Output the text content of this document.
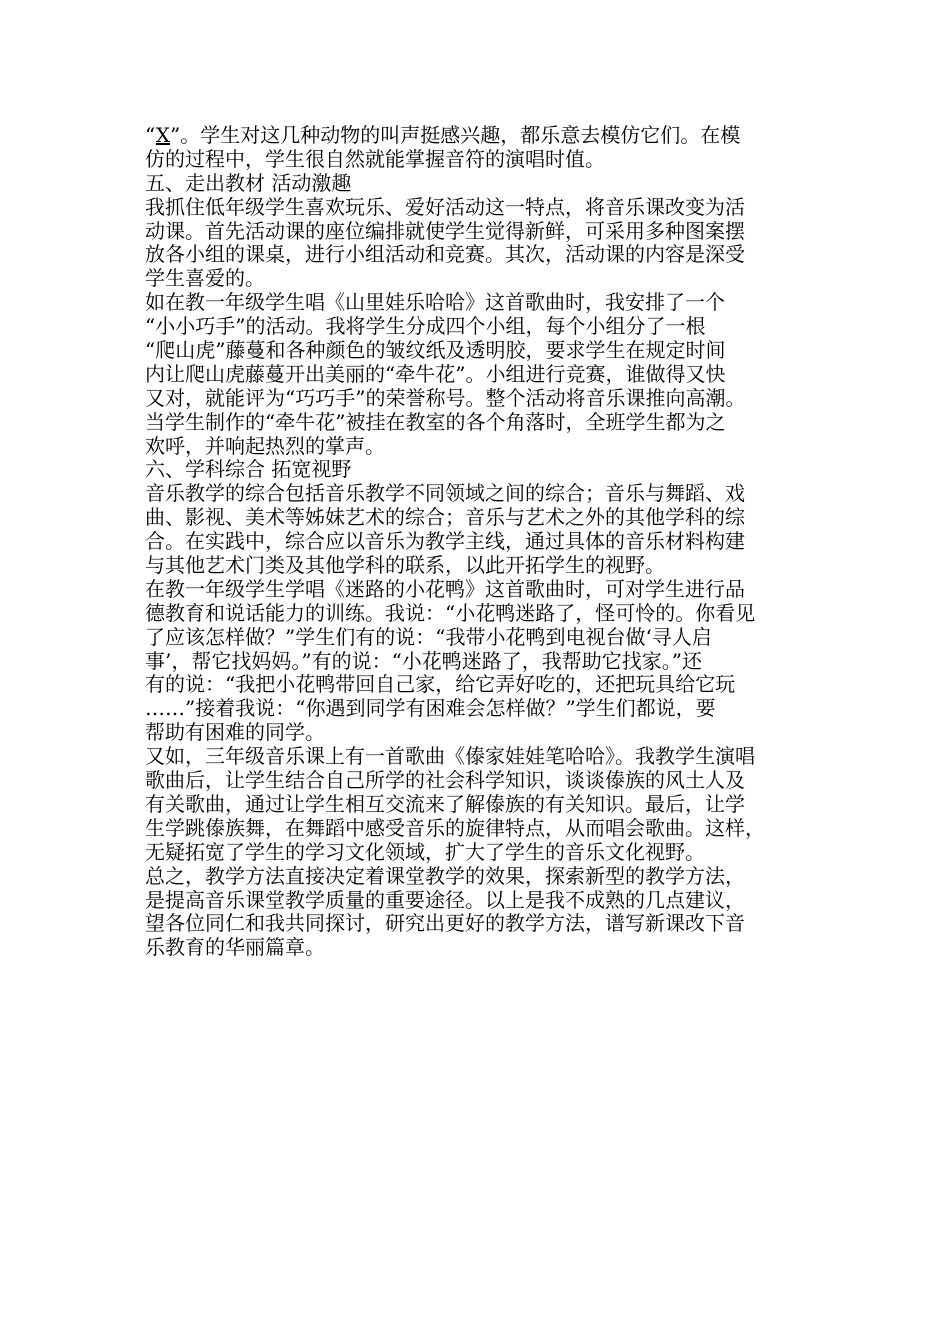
“X”。学生对这几种动物的叫声挺感兴趣，都乐意去模仿它们。在模
仿的过程中，学生很自然就能掌握音符的演唱时值。
五、走出教材 活动激趣
我抓住低年级学生喜欢玩乐、爱好活动这一特点，将音乐课改变为活
动课。首先活动课的座位编排就使学生觉得新鲜，可采用多种图案摆
放各小组的课桌，进行小组活动和竞赛。其次，活动课的内容是深受
学生喜爱的。
如在教一年级学生唱《山里娃乐哈哈》这首歌曲时，我安排了一个
“小小巧手”的活动。我将学生分成四个小组，每个小组分了一根
“爬山虎”藤蔓和各种颜色的皱纹纸及透明胶，要求学生在规定时间
内让爬山虎藤蔓开出美丽的“牵牛花”。小组进行竞赛，谁做得又快
又对，就能评为“巧巧手”的荣誉称号。整个活动将音乐课推向高潮。
当学生制作的“牵牛花”被挂在教室的各个角落时，全班学生都为之
欢呼，并响起热烈的掌声。
六、学科综合 拓宽视野
音乐教学的综合包括音乐教学不同领域之间的综合；音乐与舞蹈、戏
曲、影视、美术等姊妹艺术的综合；音乐与艺术之外的其他学科的综
合。在实践中，综合应以音乐为教学主线，通过具体的音乐材料构建
与其他艺术门类及其他学科的联系，以此开拓学生的视野。
在教一年级学生学唱《迷路的小花鸭》这首歌曲时，可对学生进行品
德教育和说话能力的训练。我说：“小花鸭迷路了，怪可怜的。你看见
了应该怎样做？”学生们有的说：“我带小花鸭到电视台做‘寻人启
事’，帮它找妈妈。”有的说：“小花鸭迷路了，我帮助它找家。”还
有的说：“我把小花鸭带回自己家，给它弄好吃的，还把玩具给它玩
……”接着我说：“你遇到同学有困难会怎样做？”学生们都说，要
帮助有困难的同学。
又如，三年级音乐课上有一首歌曲《傣家娃娃笔哈哈》。我教学生演唱
歌曲后，让学生结合自己所学的社会科学知识，谈谈傣族的风土人及
有关歌曲，通过让学生相互交流来了解傣族的有关知识。最后，让学
生学跳傣族舞，在舞蹈中感受音乐的旋律特点，从而唱会歌曲。这样，
无疑拓宽了学生的学习文化领域，扩大了学生的音乐文化视野。
总之，教学方法直接决定着课堂教学的效果，探索新型的教学方法，
是提高音乐课堂教学质量的重要途径。以上是我不成熟的几点建议，
望各位同仁和我共同探讨，研究出更好的教学方法，谱写新课改下音
乐教育的华丽篇章。
